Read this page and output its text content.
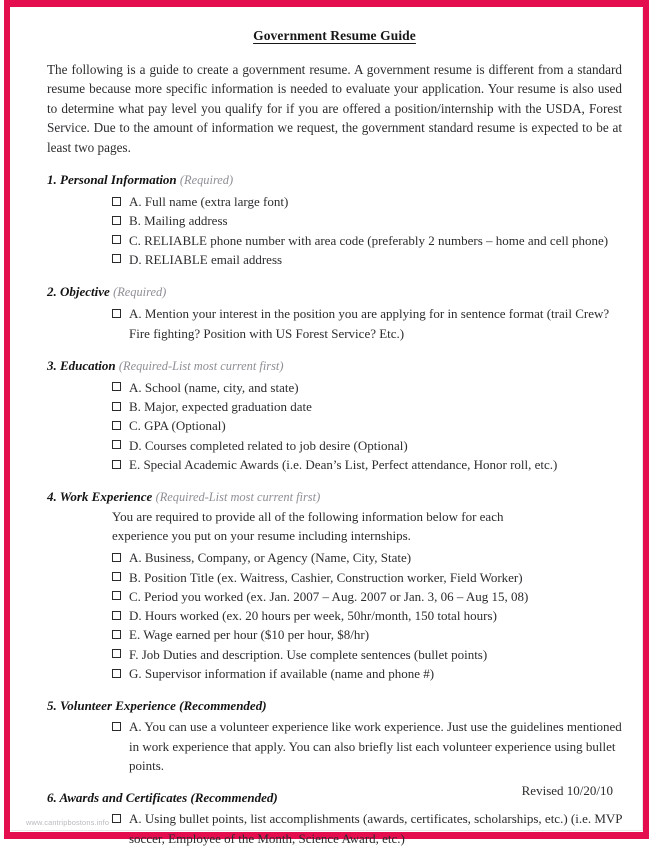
Government Resume Guide

The following is a guide to create a government resume. A government resume is different from a standard resume because more specific information is needed to evaluate your application. Your resume is also used to determine what pay level you qualify for if you are offered a position/internship with the USDA, Forest Service. Due to the amount of information we request, the government standard resume is expected to be at least two pages.

1. Personal Information (Required)
A. Full name (extra large font)
B. Mailing address
C. RELIABLE phone number with area code (preferably 2 numbers – home and cell phone)
D. RELIABLE email address
2. Objective (Required)
A. Mention your interest in the position you are applying for in sentence format (trail Crew? Fire fighting? Position with US Forest Service? Etc.)
3. Education (Required-List most current first)
A. School (name, city, and state)
B. Major, expected graduation date
C. GPA (Optional)
D. Courses completed related to job desire (Optional)
E. Special Academic Awards (i.e. Dean’s List, Perfect attendance, Honor roll, etc.)
4. Work Experience (Required-List most current first)
You are required to provide all of the following information below for each experience you put on your resume including internships.
A. Business, Company, or Agency (Name, City, State)
B. Position Title (ex. Waitress, Cashier, Construction worker, Field Worker)
C. Period you worked (ex. Jan. 2007 – Aug. 2007 or Jan. 3, 06 – Aug 15, 08)
D. Hours worked (ex. 20 hours per week, 50hr/month, 150 total hours)
E. Wage earned per hour ($10 per hour, $8/hr)
F. Job Duties and description. Use complete sentences (bullet points)
G. Supervisor information if available (name and phone #)
5. Volunteer Experience (Recommended)
A. You can use a volunteer experience like work experience. Just use the guidelines mentioned in work experience that apply. You can also briefly list each volunteer experience using bullet points.
6. Awards and Certificates (Recommended)
A. Using bullet points, list accomplishments (awards, certificates, scholarships, etc.) (i.e. MVP soccer, Employee of the Month, Science Award, etc.)
Revised 10/20/10
www.cantripbostons.info
